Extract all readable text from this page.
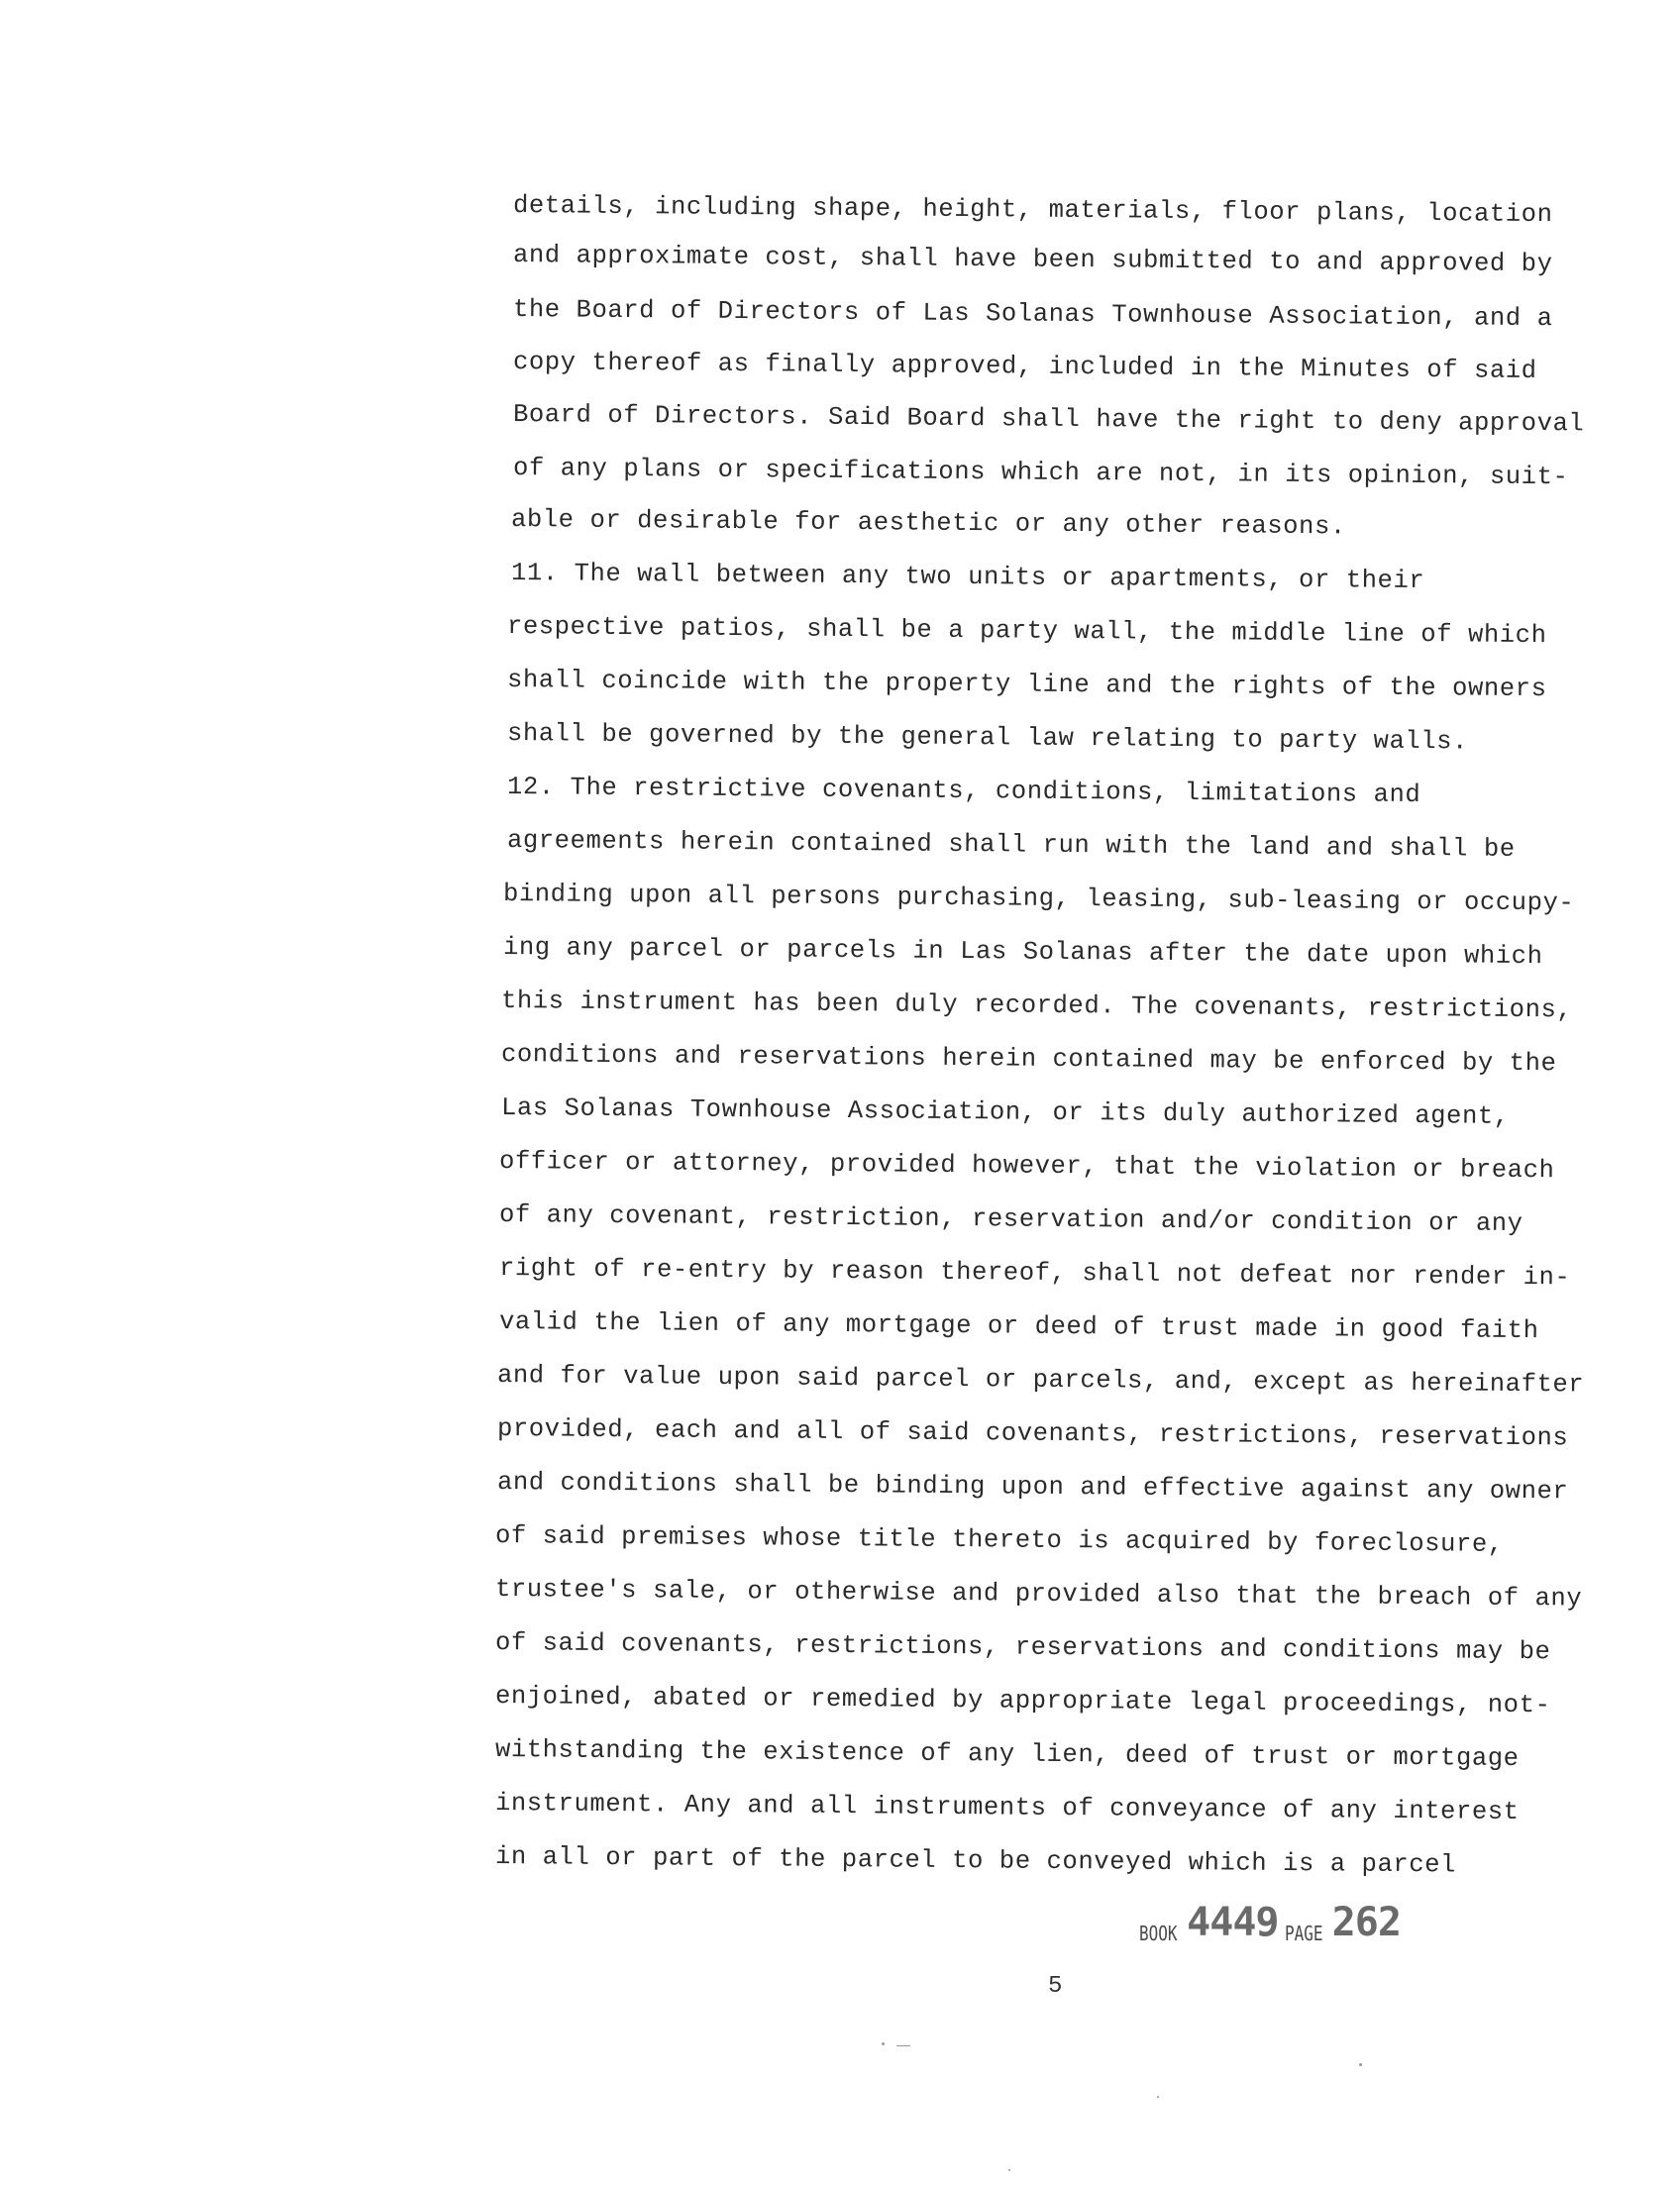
details, including shape, height, materials, floor plans, location
and approximate cost, shall have been submitted to and approved by
the Board of Directors of Las Solanas Townhouse Association, and a
copy thereof as finally approved, included in the Minutes of said
Board of Directors. Said Board shall have the right to deny approval
of any plans or specifications which are not, in its opinion, suit-
able or desirable for aesthetic or any other reasons.
11. The wall between any two units or apartments, or their
respective patios, shall be a party wall, the middle line of which
shall coincide with the property line and the rights of the owners
shall be governed by the general law relating to party walls.
12. The restrictive covenants, conditions, limitations and
agreements herein contained shall run with the land and shall be
binding upon all persons purchasing, leasing, sub-leasing or occupy-
ing any parcel or parcels in Las Solanas after the date upon which
this instrument has been duly recorded. The covenants, restrictions,
conditions and reservations herein contained may be enforced by the
Las Solanas Townhouse Association, or its duly authorized agent,
officer or attorney, provided however, that the violation or breach
of any covenant, restriction, reservation and/or condition or any
right of re-entry by reason thereof, shall not defeat nor render in-
valid the lien of any mortgage or deed of trust made in good faith
and for value upon said parcel or parcels, and, except as hereinafter
provided, each and all of said covenants, restrictions, reservations
and conditions shall be binding upon and effective against any owner
of said premises whose title thereto is acquired by foreclosure,
trustee's sale, or otherwise and provided also that the breach of any
of said covenants, restrictions, reservations and conditions may be
enjoined, abated or remedied by appropriate legal proceedings, not-
withstanding the existence of any lien, deed of trust or mortgage
instrument. Any and all instruments of conveyance of any interest
in all or part of the parcel to be conveyed which is a parcel
BOOK 4449 PAGE 262
5
